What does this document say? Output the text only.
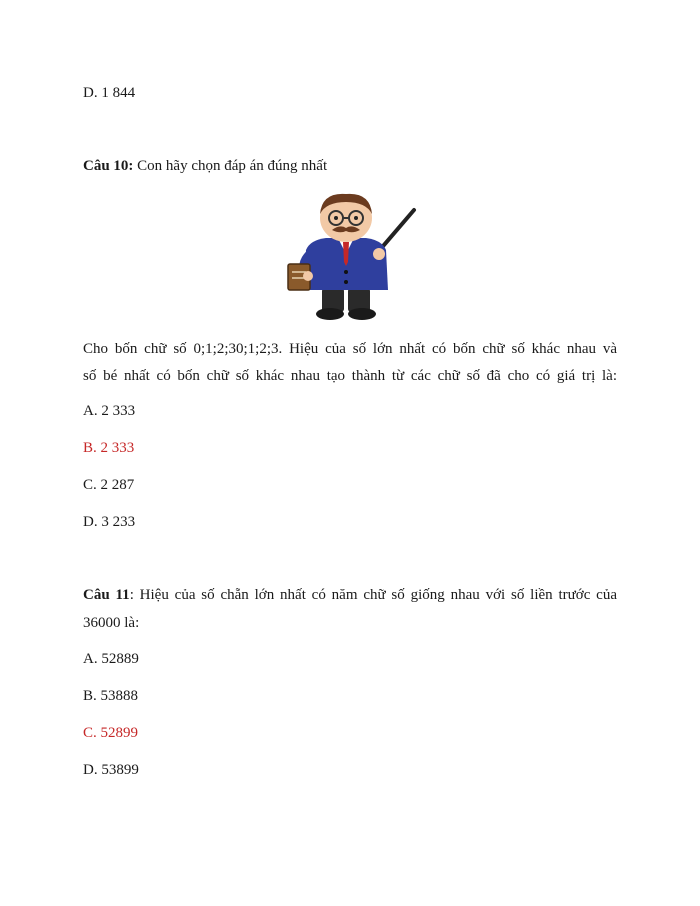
D. 1 844
Câu 10: Con hãy chọn đáp án đúng nhất
Cho bốn chữ số 0;1;2;30;1;2;3. Hiệu của số lớn nhất có bốn chữ số khác nhau và
số bé nhất có bốn chữ số khác nhau tạo thành từ các chữ số đã cho có giá trị là:
A. 2 333
B. 2 333
C. 2 287
D. 3 233
Câu 11: Hiệu của số chẵn lớn nhất có năm chữ số giống nhau với số liền trước của
36000 là:
A. 52889
B. 53888
C. 52899
D. 53899
